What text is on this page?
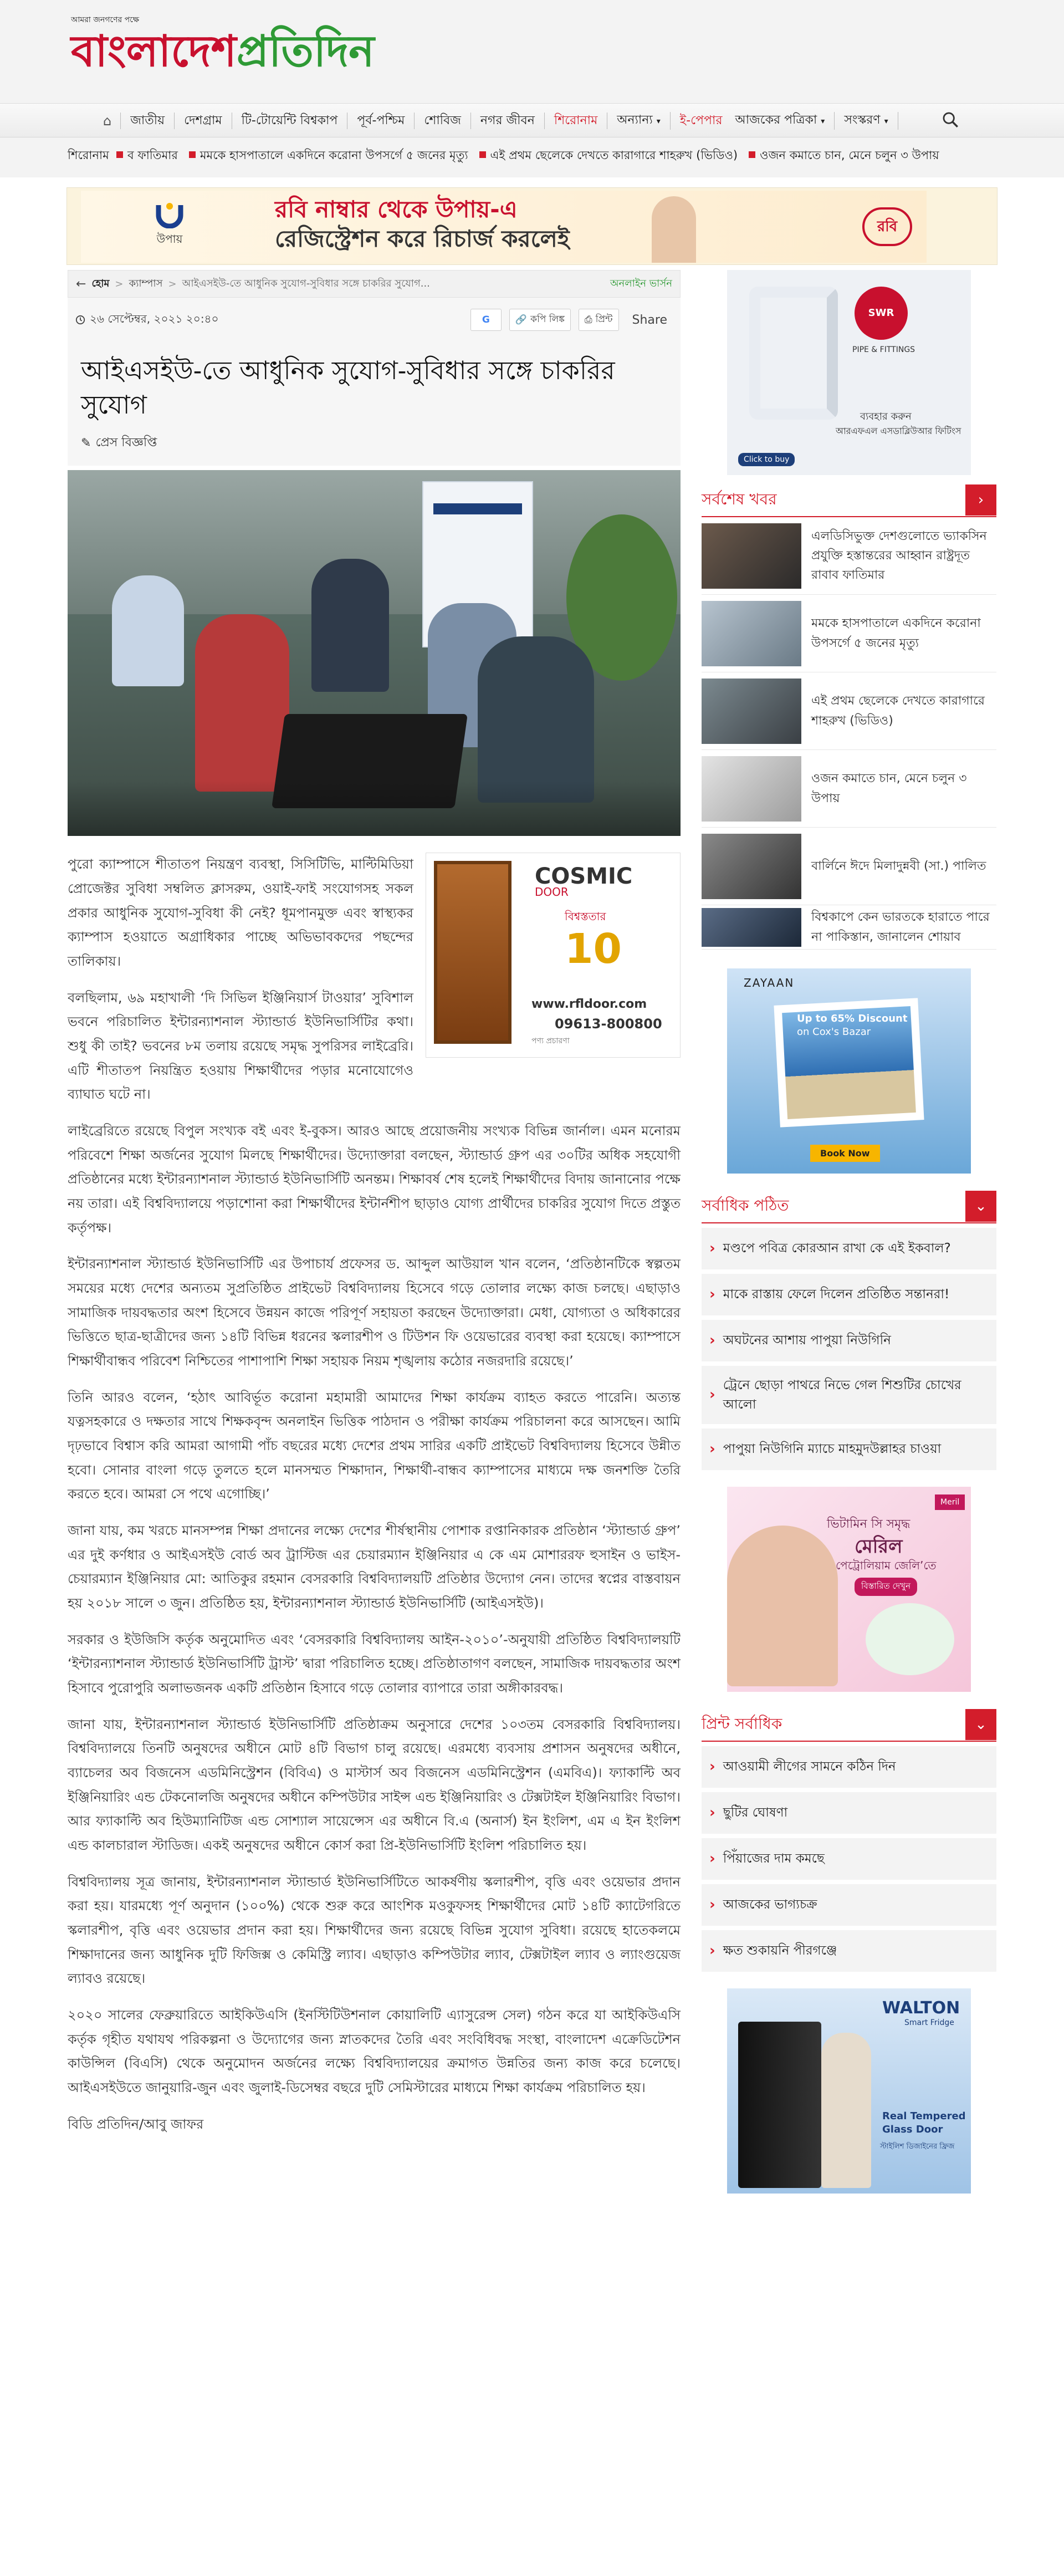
আমরা জনগণের পক্ষে
বাংলাদেশপ্রতিদিন
⌂	জাতীয়	দেশগ্রাম	টি-টোয়েন্টি বিশ্বকাপ	পূর্ব-পশ্চিম	শোবিজ	নগর জীবন	শিরোনাম	অন্যান্য ▾	ই-পেপার	আজকের পত্রিকা ▾	সংস্করণ ▾
শিরোনাম	ব ফাতিমার	মমকে হাসপাতালে একদিনে করোনা উপসর্গে ৫ জনের মৃত্যু	এই প্রথম ছেলেকে দেখতে কারাগারে শাহরুখ (ভিডিও)	ওজন কমাতে চান, মেনে চলুন ৩ উপায়
উপায়
রবি নাম্বার থেকে উপায়-এ
রেজিস্ট্রেশন করে রিচার্জ করলেই	রবি
← হোম > ক্যাম্পাস > আইএসইউ-তে আধুনিক সুযোগ-সুবিধার সঙ্গে চাকরির সুযোগ...	অনলাইন ভার্সন
২৬ সেপ্টেম্বর, ২০২১ ২০:৪০	G	🔗 কপি লিঙ্ক ⎙ প্রিন্ট	Share
আইএসইউ-তে আধুনিক সুযোগ-সুবিধার সঙ্গে চাকরির সুযোগ
✎ প্রেস বিজ্ঞপ্তি
COSMIC
DOOR
বিশ্বস্ততার
10
www.rfldoor.com
09613-800800
পণ্য প্রচারণা

পুরো ক্যাম্পাসে শীতাতপ নিয়ন্ত্রণ ব্যবস্থা, সিসিটিভি, মাল্টিমিডিয়া প্রোজেক্টর সুবিধা সম্বলিত ক্লাসরুম, ওয়াই-ফাই সংযোগসহ সকল প্রকার আধুনিক সুযোগ-সুবিধা কী নেই? ধূমপানমুক্ত এবং স্বাস্থ্যকর ক্যাম্পাস হওয়াতে অগ্রাধিকার পাচ্ছে অভিভাবকদের পছন্দের তালিকায়।

বলছিলাম, ৬৯ মহাখালী ‘দি সিভিল ইঞ্জিনিয়ার্স টাওয়ার’ সুবিশাল ভবনে পরিচালিত ইন্টারন্যাশনাল স্ট্যান্ডার্ড ইউনিভার্সিটির কথা। শুধু কী তাই? ভবনের ৮ম তলায় রয়েছে সমৃদ্ধ সুপরিসর লাইব্রেরি। এটি শীতাতপ নিয়ন্ত্রিত হওয়ায় শিক্ষার্থীদের পড়ার মনোযোগেও ব্যাঘাত ঘটে না।

লাইব্রেরিতে রয়েছে বিপুল সংখ্যক বই এবং ই-বুকস। আরও আছে প্রয়োজনীয় সংখ্যক বিভিন্ন জার্নাল। এমন মনোরম পরিবেশে শিক্ষা অর্জনের সুযোগ মিলছে শিক্ষার্থীদের। উদ্যোক্তারা বলছেন, স্ট্যান্ডার্ড গ্রুপ এর ৩০টির অধিক সহযোগী প্রতিষ্ঠানের মধ্যে ইন্টারন্যাশনাল স্ট্যান্ডার্ড ইউনিভার্সিটি অনন্তম। শিক্ষাবর্ষ শেষ হলেই শিক্ষার্থীদের বিদায় জানানোর পক্ষে নয় তারা। এই বিশ্ববিদ্যালয়ে পড়াশোনা করা শিক্ষার্থীদের ইন্টার্নশীপ ছাড়াও যোগ্য প্রার্থীদের চাকরির সুযোগ দিতে প্রস্তুত কর্তৃপক্ষ।

ইন্টারন্যাশনাল স্ট্যান্ডার্ড ইউনিভার্সিটি এর উপাচার্য প্রফেসর ড. আব্দুল আউয়াল খান বলেন, ‘প্রতিষ্ঠানটিকে স্বল্পতম সময়ের মধ্যে দেশের অন্যতম সুপ্রতিষ্ঠিত প্রাইভেট বিশ্ববিদ্যালয় হিসেবে গড়ে তোলার লক্ষ্যে কাজ চলছে। এছাড়াও সামাজিক দায়বদ্ধতার অংশ হিসেবে উন্নয়ন কাজে পরিপূর্ণ সহায়তা করছেন উদ্যোক্তারা। মেধা, যোগ্যতা ও অধিকারের ভিত্তিতে ছাত্র-ছাত্রীদের জন্য ১৪টি বিভিন্ন ধরনের স্কলারশীপ ও টিউশন ফি ওয়েভারের ব্যবস্থা করা হয়েছে। ক্যাম্পাসে শিক্ষার্থীবান্ধব পরিবেশ নিশ্চিতের পাশাপাশি শিক্ষা সহায়ক নিয়ম শৃঙ্খলায় কঠোর নজরদারি রয়েছে।’

তিনি আরও বলেন, ‘হঠাৎ আবির্ভূত করোনা মহামারী আমাদের শিক্ষা কার্যক্রম ব্যাহত করতে পারেনি। অত্যন্ত যত্নসহকারে ও দক্ষতার সাথে শিক্ষকবৃন্দ অনলাইন ভিত্তিক পাঠদান ও পরীক্ষা কার্যক্রম পরিচালনা করে আসছেন। আমি দৃঢ়ভাবে বিশ্বাস করি আমরা আগামী পাঁচ বছরের মধ্যে দেশের প্রথম সারির একটি প্রাইভেট বিশ্ববিদ্যালয় হিসেবে উন্নীত হবো। সোনার বাংলা গড়ে তুলতে হলে মানসম্মত শিক্ষাদান, শিক্ষার্থী-বান্ধব ক্যাম্পাসের মাধ্যমে দক্ষ জনশক্তি তৈরি করতে হবে। আমরা সে পথে এগোচ্ছি।’

জানা যায়, কম খরচে মানসম্পন্ন শিক্ষা প্রদানের লক্ষ্যে দেশের শীর্ষস্থানীয় পোশাক রপ্তানিকারক প্রতিষ্ঠান ‘স্ট্যান্ডার্ড গ্রুপ’ এর দুই কর্ণধার ও আইএসইউ বোর্ড অব ট্রাস্টিজ এর চেয়ারম্যান ইঞ্জিনিয়ার এ কে এম মোশাররফ হুসাইন ও ভাইস-চেয়ারম্যান ইঞ্জিনিয়ার মো: আতিকুর রহমান বেসরকারি বিশ্ববিদ্যালয়টি প্রতিষ্ঠার উদ্যোগ নেন। তাদের স্বপ্নের বাস্তবায়ন হয় ২০১৮ সালে ৩ জুন। প্রতিষ্ঠিত হয়, ইন্টারন্যাশনাল স্ট্যান্ডার্ড ইউনিভার্সিটি (আইএসইউ)।

সরকার ও ইউজিসি কর্তৃক অনুমোদিত এবং ‘বেসরকারি বিশ্ববিদ্যালয় আইন-২০১০’-অনুযায়ী প্রতিষ্ঠিত বিশ্ববিদ্যালয়টি ‘ইন্টারন্যাশনাল স্ট্যান্ডার্ড ইউনিভার্সিটি ট্রাস্ট’ দ্বারা পরিচালিত হচ্ছে। প্রতিষ্ঠাতাগণ বলছেন, সামাজিক দায়বদ্ধতার অংশ হিসাবে পুরোপুরি অলাভজনক একটি প্রতিষ্ঠান হিসাবে গড়ে তোলার ব্যাপারে তারা অঙ্গীকারবদ্ধ।

জানা যায়, ইন্টারন্যাশনাল স্ট্যান্ডার্ড ইউনিভার্সিটি প্রতিষ্ঠাক্রম অনুসারে দেশের ১০৩তম বেসরকারি বিশ্ববিদ্যালয়। বিশ্ববিদ্যালয়ে তিনটি অনুষদের অধীনে মোট ৪টি বিভাগ চালু রয়েছে। এরমধ্যে ব্যবসায় প্রশাসন অনুষদের অধীনে, ব্যাচেলর অব বিজনেস এডমিনিস্ট্রেশন (বিবিএ) ও মাস্টার্স অব বিজনেস এডমিনিস্ট্রেশন (এমবিএ)। ফ্যাকাল্টি অব ইঞ্জিনিয়ারিং এন্ড টেকনোলজি অনুষদের অধীনে কম্পিউটার সাইন্স এন্ড ইঞ্জিনিয়ারিং ও টেক্সটাইল ইঞ্জিনিয়ারিং বিভাগ। আর ফ্যাকাল্টি অব হিউম্যানিটিজ এন্ড সোশ্যাল সায়েন্সেস এর অধীনে বি.এ (অনার্স) ইন ইংলিশ, এম এ ইন ইংলিশ এন্ড কালচারাল স্টাডিজ। একই অনুষদের অধীনে কোর্স করা প্রি-ইউনিভার্সিটি ইংলিশ পরিচালিত হয়।

বিশ্ববিদ্যালয় সূত্র জানায়, ইন্টারন্যাশনাল স্ট্যান্ডার্ড ইউনিভার্সিটিতে আকর্ষণীয় স্কলারশীপ, বৃত্তি এবং ওয়েভার প্রদান করা হয়। যারমধ্যে পূর্ণ অনুদান (১০০%) থেকে শুরু করে আংশিক মওকুফসহ শিক্ষার্থীদের মোট ১৪টি ক্যাটেগরিতে স্কলারশীপ, বৃত্তি এবং ওয়েভার প্রদান করা হয়। শিক্ষার্থীদের জন্য রয়েছে বিভিন্ন সুযোগ সুবিধা। রয়েছে হাতেকলমে শিক্ষাদানের জন্য আধুনিক দুটি ফিজিক্স ও কেমিস্ট্রি ল্যাব। এছাড়াও কম্পিউটার ল্যাব, টেক্সটাইল ল্যাব ও ল্যাংগুয়েজ ল্যাবও রয়েছে।

২০২০ সালের ফেব্রুয়ারিতে আইকিউএসি (ইনস্টিটিউশনাল কোয়ালিটি এ্যাসুরেন্স সেল) গঠন করে যা আইকিউএসি কর্তৃক গৃহীত যথাযথ পরিকল্পনা ও উদ্যোগের জন্য স্নাতকদের তৈরি এবং সংবিধিবদ্ধ সংস্থা, বাংলাদেশ এক্রেডিটেশন কাউন্সিল (বিএসি) থেকে অনুমোদন অর্জনের লক্ষ্যে বিশ্ববিদ্যালয়ের ক্রমাগত উন্নতির জন্য কাজ করে চলেছে। আইএসইউতে জানুয়ারি-জুন এবং জুলাই-ডিসেম্বর বছরে দুটি সেমিস্টারের মাধ্যমে শিক্ষা কার্যক্রম পরিচালিত হয়।

বিডি প্রতিদিন/আবু জাফর

SWR
PIPE & FITTINGS
ব্যবহার করুন
আরএফএল এসডাব্লিউআর ফিটিংস
Click to buy
সর্বশেষ খবর	›
এলডিসিভুক্ত দেশগুলোতে ভ্যাকসিন প্রযুক্তি হস্তান্তরের আহ্বান রাষ্ট্রদূত রাবাব ফাতিমার
মমকে হাসপাতালে একদিনে করোনা উপসর্গে ৫ জনের মৃত্যু
এই প্রথম ছেলেকে দেখতে কারাগারে শাহরুখ (ভিডিও)
ওজন কমাতে চান, মেনে চলুন ৩ উপায়
বার্লিনে ঈদে মিলাদুন্নবী (সা.) পালিত
বিশ্বকাপে কেন ভারতকে হারাতে পারে না পাকিস্তান, জানালেন শোয়াব
ZAYAAN
Up to 65% Discount
on Cox's Bazar
Book Now
সর্বাধিক পঠিত	⌄
› মণ্ডপে পবিত্র কোরআন রাখা কে এই ইকবাল?
› মাকে রাস্তায় ফেলে দিলেন প্রতিষ্ঠিত সন্তানরা!
› অঘটনের আশায় পাপুয়া নিউগিনি
› ট্রেনে ছোড়া পাথরে নিভে গেল শিশুটির চোখের আলো
› পাপুয়া নিউগিনি ম্যাচে মাহমুদউল্লাহর চাওয়া
ভিটামিন সি সমৃদ্ধ
মেরিল
পেট্রোলিয়াম জেলি’তে
বিস্তারিত দেখুন
Meril
প্রিন্ট সর্বাধিক	⌄
› আওয়ামী লীগের সামনে কঠিন দিন
› ছুটির ঘোষণা
› পিঁয়াজের দাম কমছে
› আজকের ভাগ্যচক্র
› ক্ষত শুকায়নি পীরগঞ্জে
WALTON
Smart Fridge
Real Tempered
Glass Door
স্টাইলিশ ডিজাইনের ফ্রিজ
